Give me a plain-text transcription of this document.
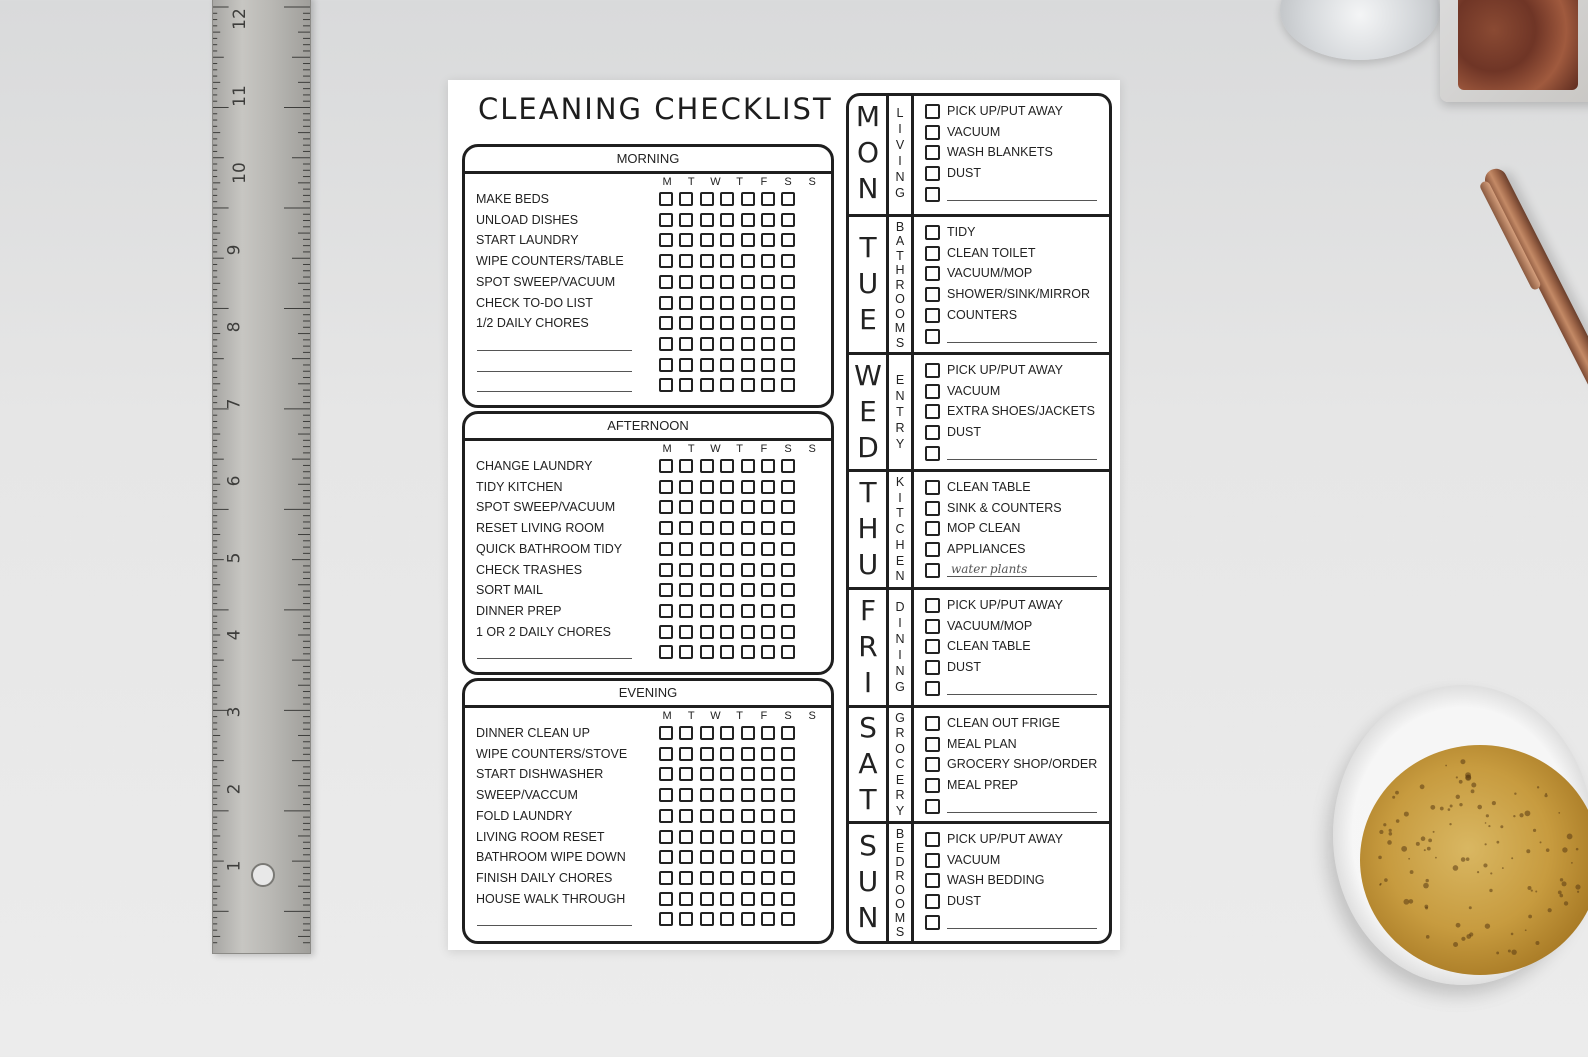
12
11
10
9
8
7
6
5
4
3
2
1
CLEANING CHECKLIST
MORNING
M T W T F S S
MAKE BEDS
UNLOAD DISHES
START LAUNDRY
WIPE COUNTERS/TABLE
SPOT SWEEP/VACUUM
CHECK TO-DO LIST
1/2 DAILY CHORES
AFTERNOON
M T W T F S S
CHANGE LAUNDRY
TIDY KITCHEN
SPOT SWEEP/VACUUM
RESET LIVING ROOM
QUICK BATHROOM TIDY
CHECK TRASHES
SORT MAIL
DINNER PREP
1 OR 2 DAILY CHORES
EVENING
M T W T F S S
DINNER CLEAN UP
WIPE COUNTERS/STOVE
START DISHWASHER
SWEEP/VACCUM
FOLD LAUNDRY
LIVING ROOM RESET
BATHROOM WIPE DOWN
FINISH DAILY CHORES
HOUSE WALK THROUGH
M
O
N
L
I
V
I
N
G
PICK UP/PUT AWAY
VACUUM
WASH BLANKETS
DUST
T
U
E
B
A
T
H
R
O
O
M
S
TIDY
CLEAN TOILET
VACUUM/MOP
SHOWER/SINK/MIRROR
COUNTERS
W
E
D
E
N
T
R
Y
PICK UP/PUT AWAY
VACUUM
EXTRA SHOES/JACKETS
DUST
T
H
U
K
I
T
C
H
E
N
CLEAN TABLE
SINK & COUNTERS
MOP CLEAN
APPLIANCES
water plants
F
R
I
D
I
N
I
N
G
PICK UP/PUT AWAY
VACUUM/MOP
CLEAN TABLE
DUST
S
A
T
G
R
O
C
E
R
Y
CLEAN OUT FRIGE
MEAL PLAN
GROCERY SHOP/ORDER
MEAL PREP
S
U
N
B
E
D
R
O
O
M
S
PICK UP/PUT AWAY
VACUUM
WASH BEDDING
DUST
